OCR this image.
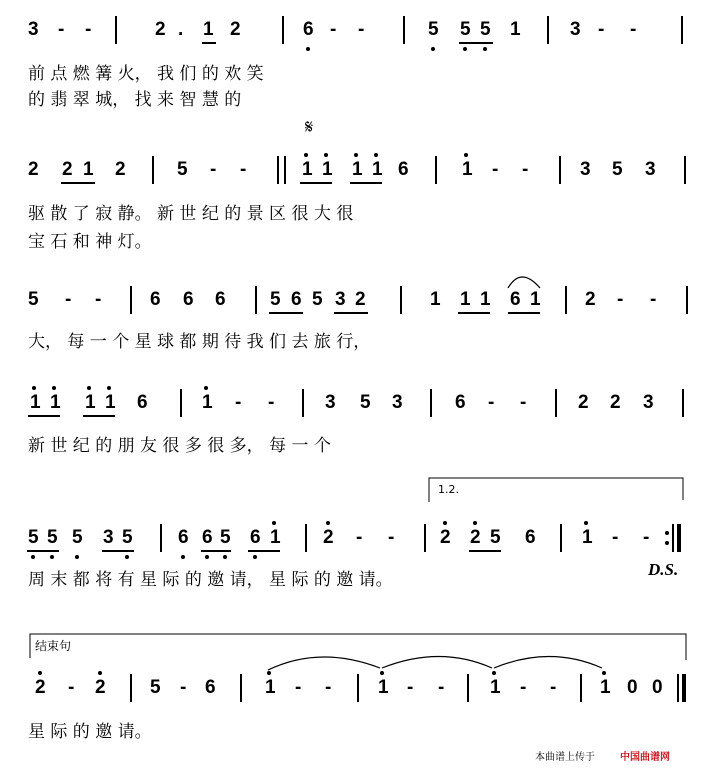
3 - -	2 . 1 2	6 - -	5 5 5 1	3 - -
前 点 燃 篝 火， 我 们 的 欢 笑
的 翡 翠 城， 找 来 智 慧 的
𝄋
2 2 1 2	5 - -	1 1 1 1 6	1 - -	3 5 3
驱 散 了 寂 静。 新 世 纪 的 景 区 很 大 很
宝 石 和 神 灯。
5 - -	6 6 6 5 6 5 3 2	1 1 1 6 1 2 - -
大， 每 一 个 星 球 都 期 待 我 们 去 旅 行，
1 1 1 1 6	1 - -	3 5 3	6 - -	2 2 3
新 世 纪 的 朋 友 很 多 很 多， 每 一 个
1.2.
5 5 5 3 5 6 6 5 6 1 2 - - 2 2 5 6 1 - -
周 末 都 将 有 星 际 的 邀 请， 星 际 的 邀 请。
D.S.
结束句
2 - 2 5 - 6	1 - - 1 - - 1 - - 1 0 0
星 际 的 邀 请。
本曲谱上传于	中国曲谱网
